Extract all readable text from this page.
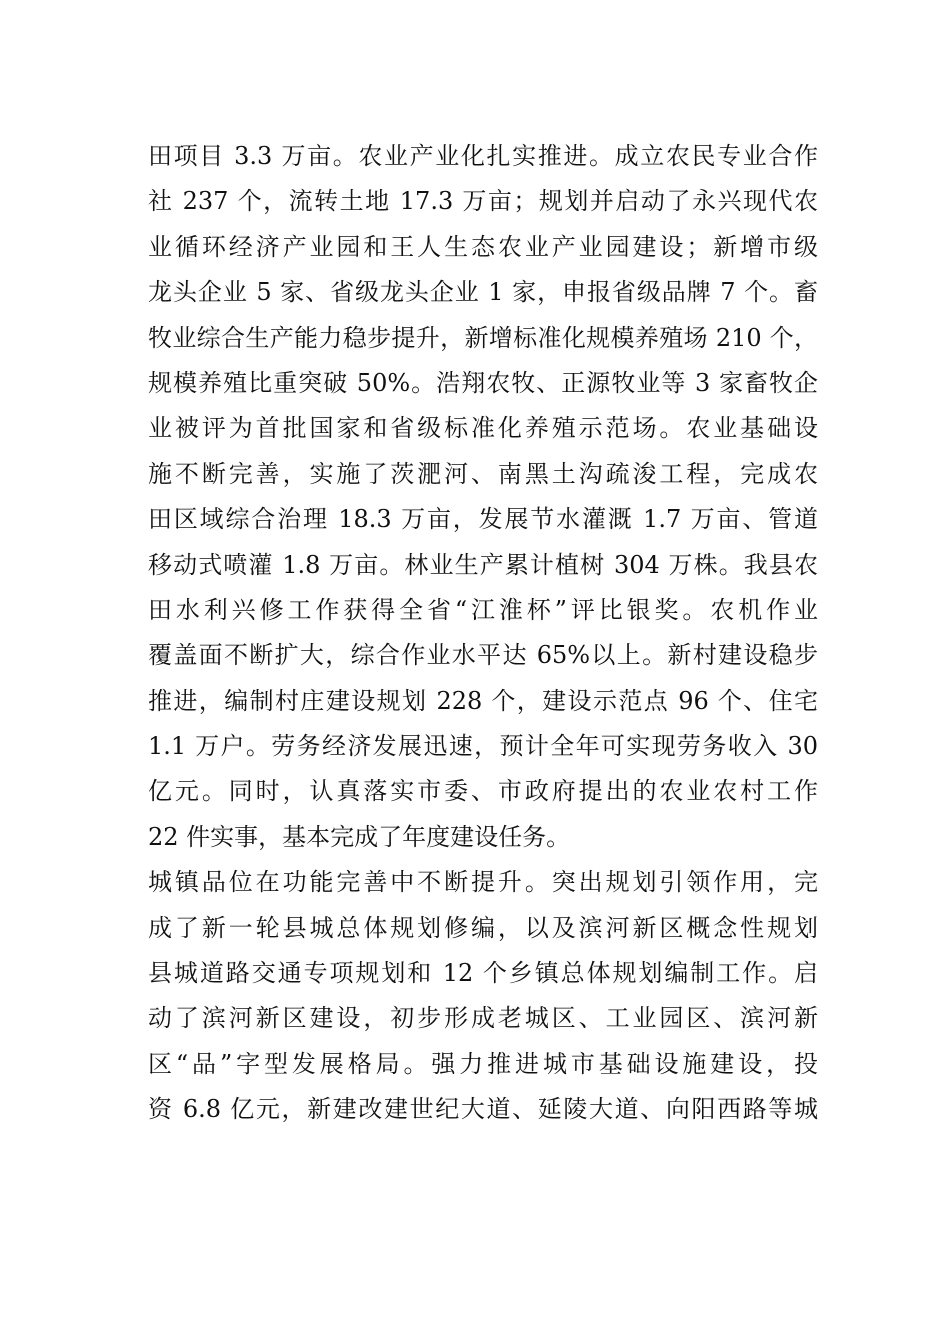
田项目 3.3 万亩。农业产业化扎实推进。成立农民专业合作
社 237 个，流转土地 17.3 万亩；规划并启动了永兴现代农
业循环经济产业园和王人生态农业产业园建设；新增市级
龙头企业 5 家、省级龙头企业 1 家，申报省级品牌 7 个。畜
牧业综合生产能力稳步提升，新增标准化规模养殖场 210 个，
规模养殖比重突破 50%。浩翔农牧、正源牧业等 3 家畜牧企
业被评为首批国家和省级标准化养殖示范场。农业基础设
施不断完善，实施了茨淝河、南黑土沟疏浚工程，完成农
田区域综合治理 18.3 万亩，发展节水灌溉 1.7 万亩、管道
移动式喷灌 1.8 万亩。林业生产累计植树 304 万株。我县农
田水利兴修工作获得全省“江淮杯”评比银奖。农机作业
覆盖面不断扩大，综合作业水平达 65%以上。新村建设稳步
推进，编制村庄建设规划 228 个，建设示范点 96 个、住宅
1.1 万户。劳务经济发展迅速，预计全年可实现劳务收入 30
亿元。同时，认真落实市委、市政府提出的农业农村工作
22 件实事，基本完成了年度建设任务。
城镇品位在功能完善中不断提升。突出规划引领作用，完
成了新一轮县城总体规划修编，以及滨河新区概念性规划
县城道路交通专项规划和 12 个乡镇总体规划编制工作。启
动了滨河新区建设，初步形成老城区、工业园区、滨河新
区“品”字型发展格局。强力推进城市基础设施建设，投
资 6.8 亿元，新建改建世纪大道、延陵大道、向阳西路等城
